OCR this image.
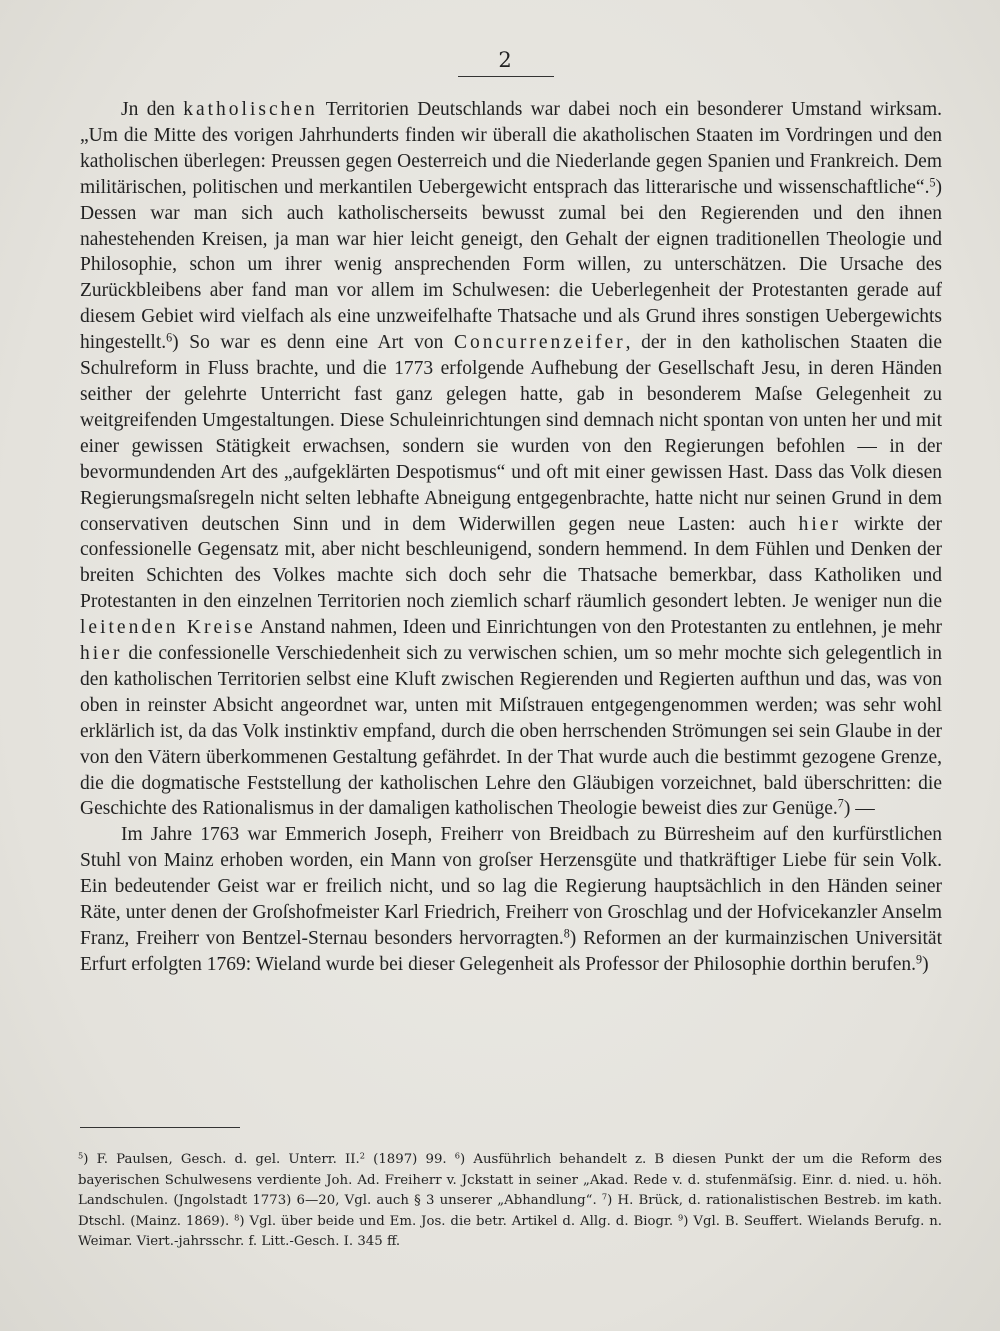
2

Jn den katholischen Territorien Deutschlands war dabei noch ein besonderer Umstand wirksam. „Um die Mitte des vorigen Jahrhunderts finden wir überall die akatholischen Staaten im Vordringen und den katholischen überlegen: Preussen gegen Oesterreich und die Niederlande gegen Spanien und Frankreich. Dem militärischen, politischen und merkantilen Uebergewicht entsprach das litterarische und wissenschaftliche“.$^5$) Dessen war man sich auch katholischerseits bewusst zumal bei den Regierenden und den ihnen nahestehenden Kreisen, ja man war hier leicht geneigt, den Gehalt der eignen traditionellen Theologie und Philosophie, schon um ihrer wenig ansprechenden Form willen, zu unterschätzen. Die Ursache des Zurückbleibens aber fand man vor allem im Schulwesen: die Ueberlegenheit der Protestanten gerade auf diesem Gebiet wird vielfach als eine unzweifelhafte Thatsache und als Grund ihres sonstigen Uebergewichts hingestellt.$^6$) So war es denn eine Art von Concurrenzeifer, der in den katholischen Staaten die Schulreform in Fluss brachte, und die 1773 erfolgende Aufhebung der Gesellschaft Jesu, in deren Händen seither der gelehrte Unterricht fast ganz gelegen hatte, gab in besonderem Maſse Gelegenheit zu weitgreifenden Umgestaltungen. Diese Schuleinrichtungen sind demnach nicht spontan von unten her und mit einer gewissen Stätigkeit erwachsen, sondern sie wurden von den Regierungen befohlen — in der bevormundenden Art des „aufgeklärten Despotismus“ und oft mit einer gewissen Hast. Dass das Volk diesen Regierungsmaſsregeln nicht selten lebhafte Abneigung entgegenbrachte, hatte nicht nur seinen Grund in dem conservativen deutschen Sinn und in dem Widerwillen gegen neue Lasten: auch hier wirkte der confessionelle Gegensatz mit, aber nicht beschleunigend, sondern hemmend. In dem Fühlen und Denken der breiten Schichten des Volkes machte sich doch sehr die Thatsache bemerkbar, dass Katholiken und Protestanten in den einzelnen Territorien noch ziemlich scharf räumlich gesondert lebten. Je weniger nun die leitenden Kreise Anstand nahmen, Ideen und Einrichtungen von den Protestanten zu entlehnen, je mehr hier die confessionelle Verschiedenheit sich zu verwischen schien, um so mehr mochte sich gelegentlich in den katholischen Territorien selbst eine Kluft zwischen Regierenden und Regierten aufthun und das, was von oben in reinster Absicht angeordnet war, unten mit Miſstrauen entgegengenommen werden; was sehr wohl erklärlich ist, da das Volk instinktiv empfand, durch die oben herrschenden Strömungen sei sein Glaube in der von den Vätern überkommenen Gestaltung gefährdet. In der That wurde auch die bestimmt gezogene Grenze, die die dogmatische Feststellung der katholischen Lehre den Gläubigen vorzeichnet, bald überschritten: die Geschichte des Rationalismus in der damaligen katholischen Theologie beweist dies zur Genüge.$^7$) —

Im Jahre 1763 war Emmerich Joseph, Freiherr von Breidbach zu Bürresheim auf den kurfürstlichen Stuhl von Mainz erhoben worden, ein Mann von groſser Herzensgüte und thatkräftiger Liebe für sein Volk. Ein bedeutender Geist war er freilich nicht, und so lag die Regierung hauptsächlich in den Händen seiner Räte, unter denen der Groſshofmeister Karl Friedrich, Freiherr von Groschlag und der Hofvicekanzler Anselm Franz, Freiherr von Bentzel-Sternau besonders hervorragten.$^8$) Reformen an der kurmainzischen Universität Erfurt erfolgten 1769: Wieland wurde bei dieser Gelegenheit als Professor der Philosophie dorthin berufen.$^9$)

$^5$) F. Paulsen, Gesch. d. gel. Unterr. II.$^2$ (1897) 99. $^6$) Ausführlich behandelt z. B diesen Punkt der um die Reform des bayerischen Schulwesens verdiente Joh. Ad. Freiherr v. Jckstatt in seiner „Akad. Rede v. d. stufenmäſsig. Einr. d. nied. u. höh. Landschulen. (Jngolstadt 1773) 6—20, Vgl. auch § 3 unserer „Abhandlung“. $^7$) H. Brück, d. rationalistischen Bestreb. im kath. Dtschl. (Mainz. 1869). $^8$) Vgl. über beide und Em. Jos. die betr. Artikel d. Allg. d. Biogr. $^9$) Vgl. B. Seuffert. Wielands Berufg. n. Weimar. Viert.-jahrsschr. f. Litt.-Gesch. I. 345 ff.
